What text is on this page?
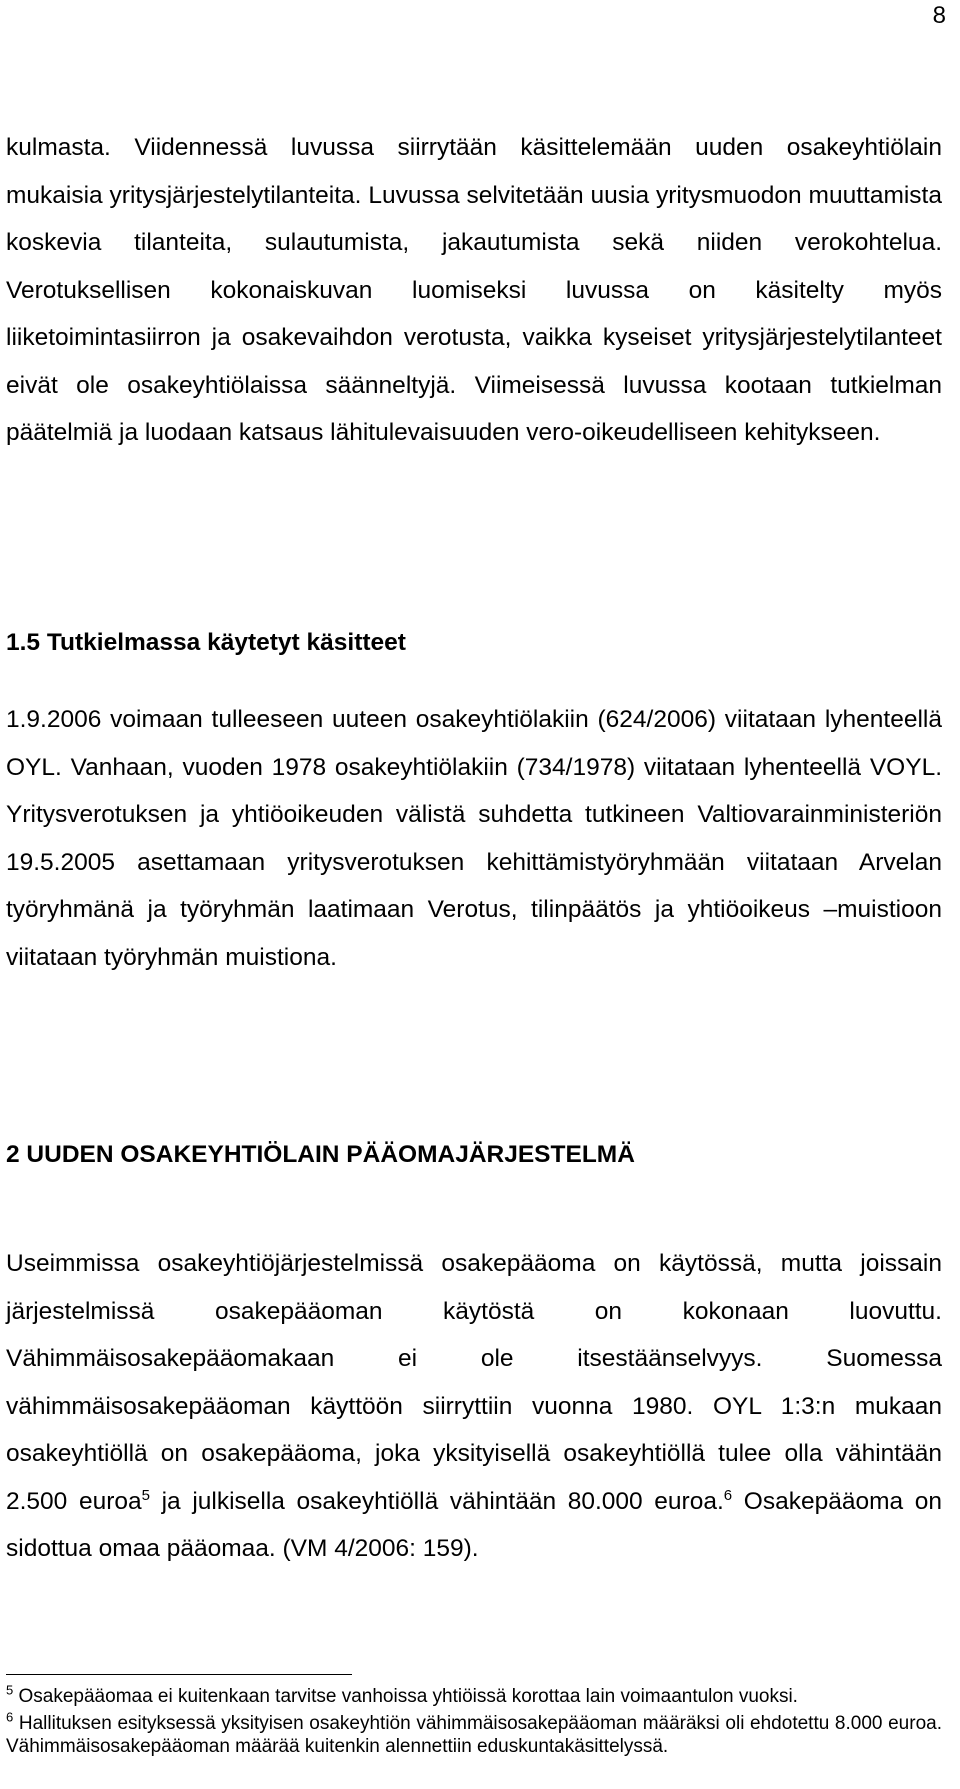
8

kulmasta. Viidennessä luvussa siirrytään käsittelemään uuden osakeyhtiölain mukaisia yritysjärjestelytilanteita. Luvussa selvitetään uusia yritysmuodon muuttamista koskevia tilanteita, sulautumista, jakautumista sekä niiden verokohtelua. Verotuksellisen kokonaiskuvan luomiseksi luvussa on käsitelty myös liiketoimintasiirron ja osakevaihdon verotusta, vaikka kyseiset yritysjärjestelytilanteet eivät ole osakeyhtiölaissa säänneltyjä. Viimeisessä luvussa kootaan tutkielman päätelmiä ja luodaan katsaus lähitulevaisuuden vero-oikeudelliseen kehitykseen.

1.5 Tutkielmassa käytetyt käsitteet

1.9.2006 voimaan tulleeseen uuteen osakeyhtiölakiin (624/2006) viitataan lyhenteellä OYL. Vanhaan, vuoden 1978 osakeyhtiölakiin (734/1978) viitataan lyhenteellä VOYL. Yritysverotuksen ja yhtiöoikeuden välistä suhdetta tutkineen Valtiovarainministeriön 19.5.2005 asettamaan yritysverotuksen kehittämistyöryhmään viitataan Arvelan työryhmänä ja työryhmän laatimaan Verotus, tilinpäätös ja yhtiöoikeus –muistioon viitataan työryhmän muistiona.

2 UUDEN OSAKEYHTIÖLAIN PÄÄOMAJÄRJESTELMÄ

Useimmissa osakeyhtiöjärjestelmissä osakepääoma on käytössä, mutta joissain järjestelmissä osakepääoman käytöstä on kokonaan luovuttu. Vähimmäisosakepääomakaan ei ole itsestäänselvyys. Suomessa vähimmäisosakepääoman käyttöön siirryttiin vuonna 1980. OYL 1:3:n mukaan osakeyhtiöllä on osakepääoma, joka yksityisellä osakeyhtiöllä tulee olla vähintään 2.500 euroa$^5$ ja julkisella osakeyhtiöllä vähintään 80.000 euroa.$^6$ Osakepääoma on sidottua omaa pääomaa. (VM 4/2006: 159).

$^5$ Osakepääomaa ei kuitenkaan tarvitse vanhoissa yhtiöissä korottaa lain voimaantulon vuoksi.

$^6$ Hallituksen esityksessä yksityisen osakeyhtiön vähimmäisosakepääoman määräksi oli ehdotettu 8.000 euroa. Vähimmäisosakepääoman määrää kuitenkin alennettiin eduskuntakäsittelyssä.
